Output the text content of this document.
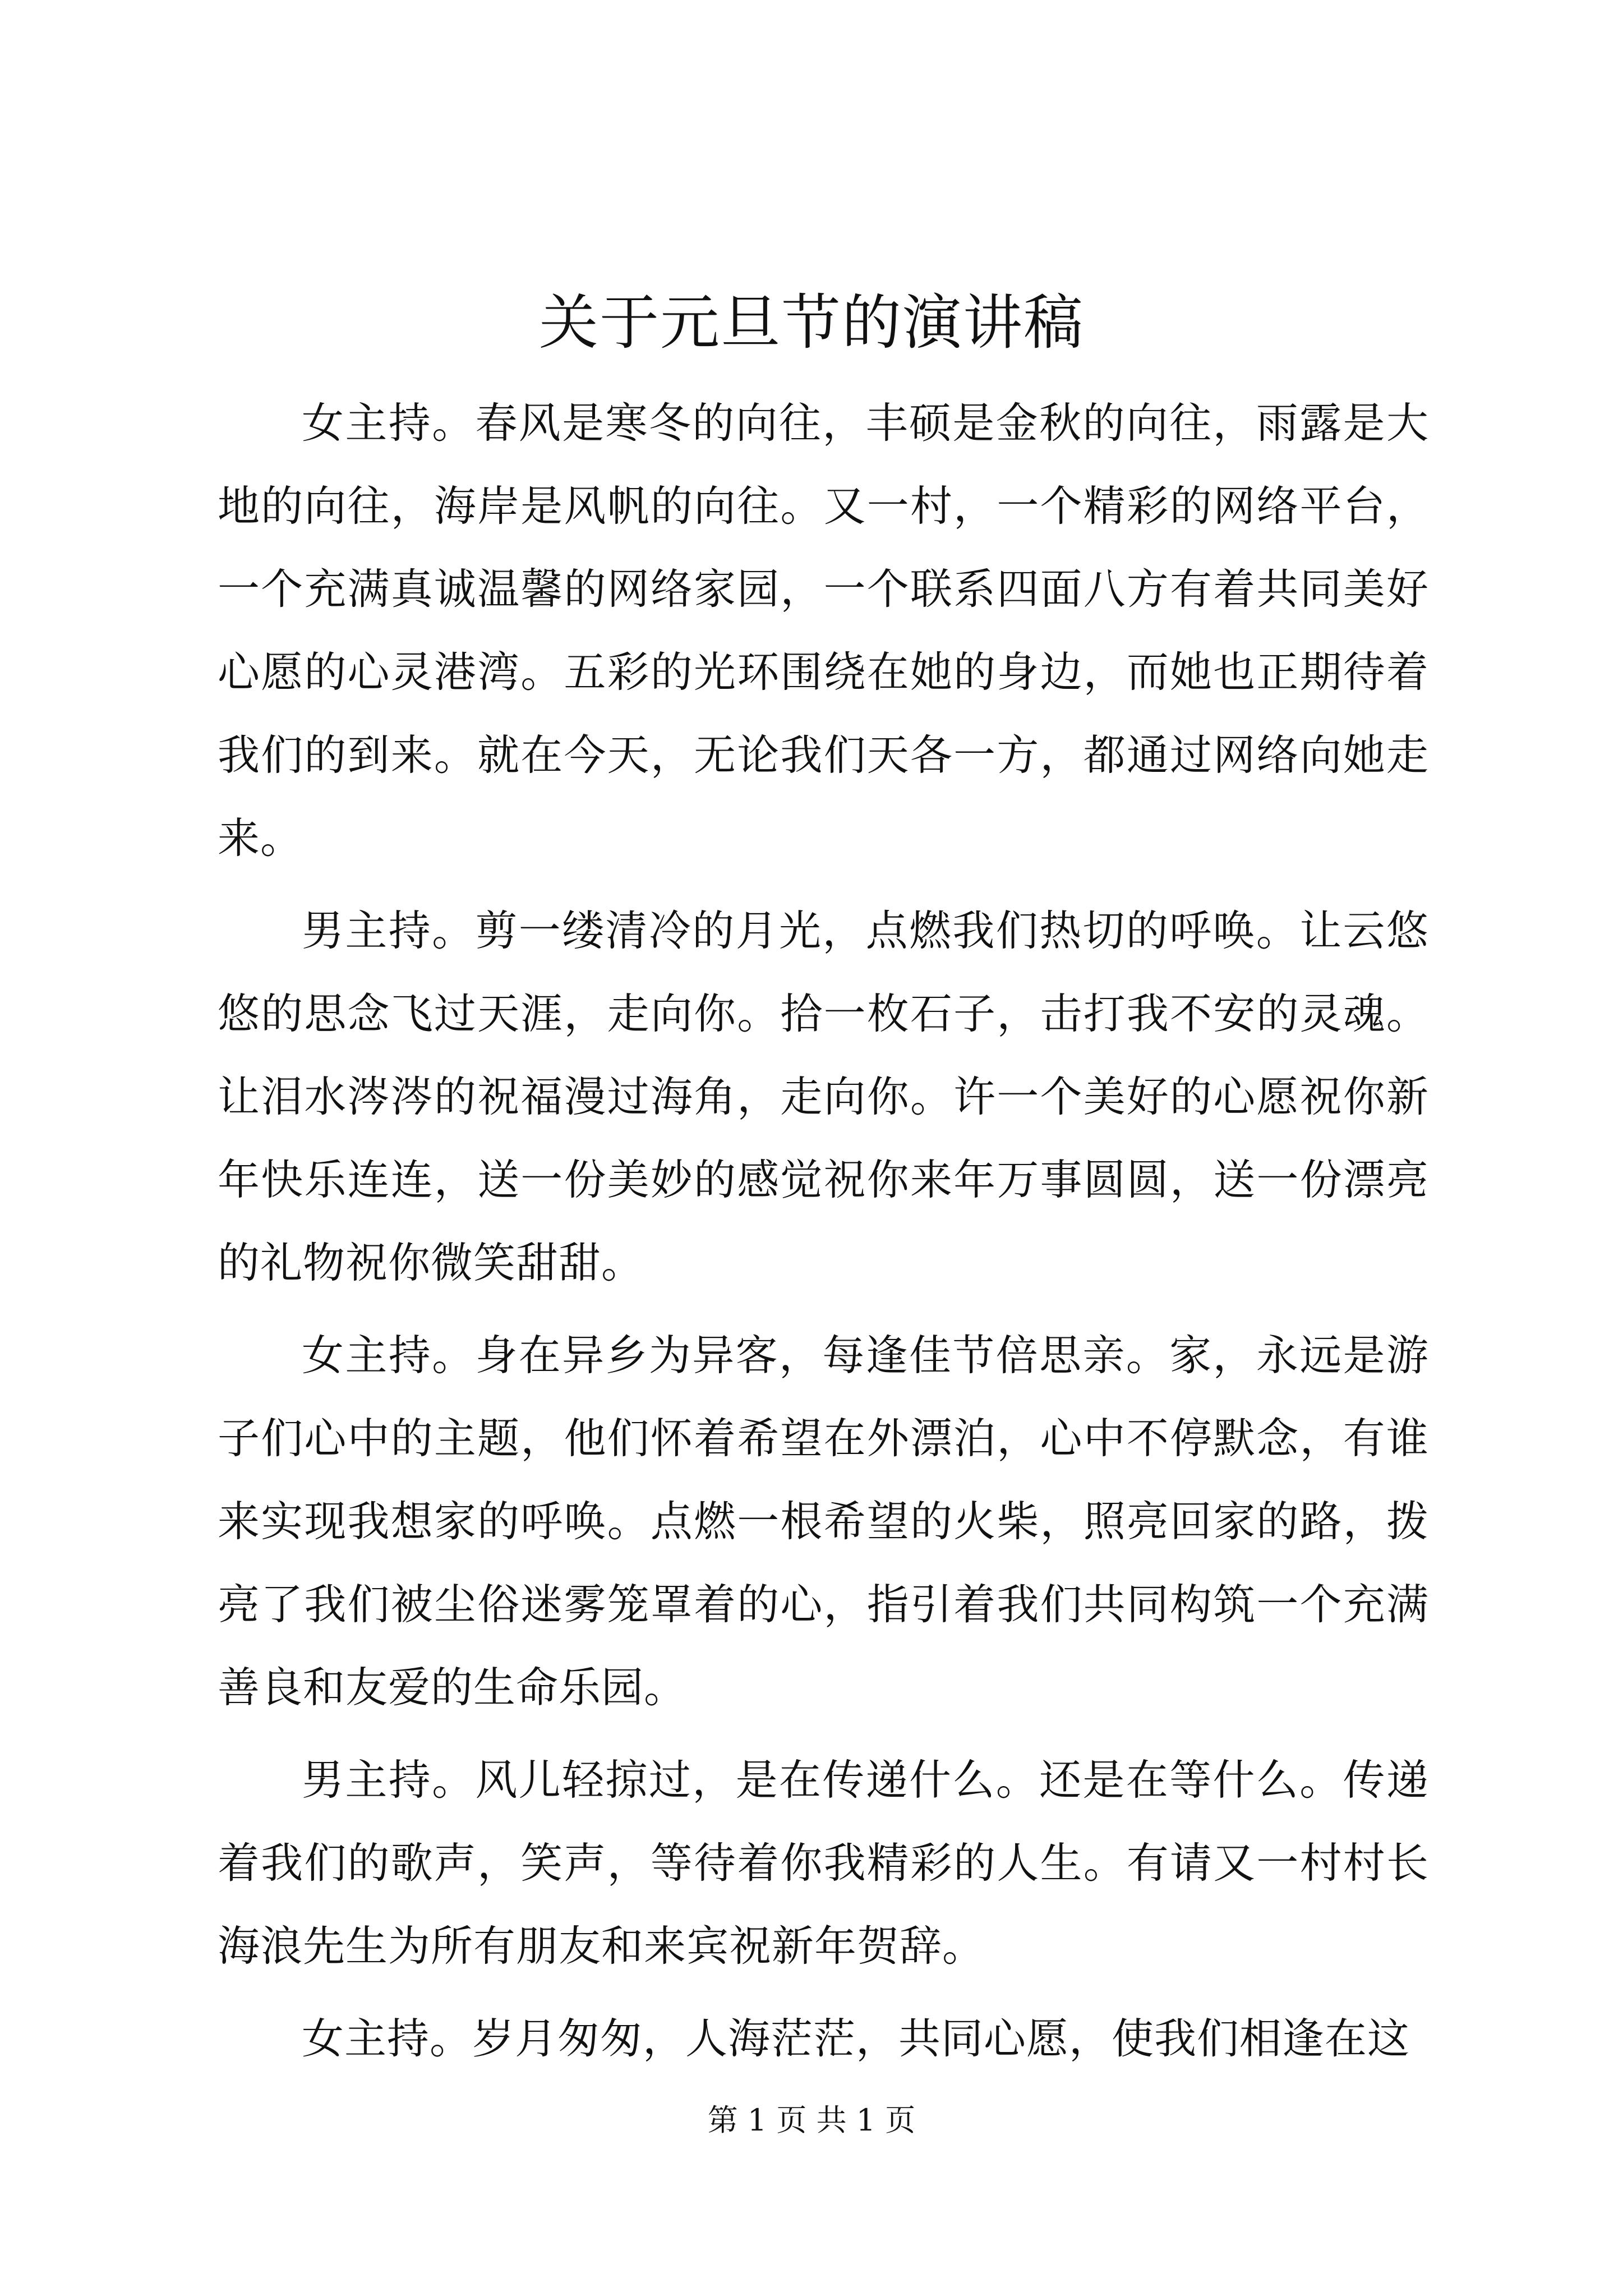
关于元旦节的演讲稿

女主持。春风是寒冬的向往，丰硕是金秋的向往，雨露是大地的向往，海岸是风帆的向往。又一村，一个精彩的网络平台，一个充满真诚温馨的网络家园，一个联系四面八方有着共同美好心愿的心灵港湾。五彩的光环围绕在她的身边，而她也正期待着我们的到来。就在今天，无论我们天各一方，都通过网络向她走来。

男主持。剪一缕清冷的月光，点燃我们热切的呼唤。让云悠悠的思念飞过天涯，走向你。拾一枚石子，击打我不安的灵魂。让泪水涔涔的祝福漫过海角，走向你。许一个美好的心愿祝你新年快乐连连，送一份美妙的感觉祝你来年万事圆圆，送一份漂亮的礼物祝你微笑甜甜。

女主持。身在异乡为异客，每逢佳节倍思亲。家，永远是游子们心中的主题，他们怀着希望在外漂泊，心中不停默念，有谁来实现我想家的呼唤。点燃一根希望的火柴，照亮回家的路，拨亮了我们被尘俗迷雾笼罩着的心，指引着我们共同构筑一个充满善良和友爱的生命乐园。

男主持。风儿轻掠过，是在传递什么。还是在等什么。传递着我们的歌声，笑声，等待着你我精彩的人生。有请又一村村长海浪先生为所有朋友和来宾祝新年贺辞。

女主持。岁月匆匆，人海茫茫，共同心愿，使我们相逢在这

第 1 页 共 1 页
